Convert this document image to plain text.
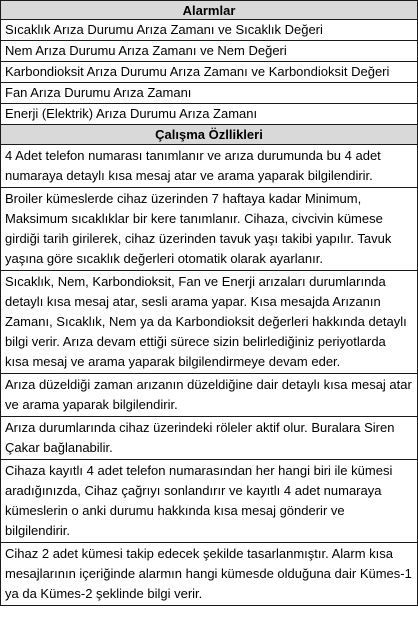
Alarmlar
Sıcaklık Arıza Durumu Arıza Zamanı ve Sıcaklık Değeri
Nem Arıza Durumu Arıza Zamanı ve Nem Değeri
Karbondioksit Arıza Durumu Arıza Zamanı ve Karbondioksit Değeri
Fan Arıza Durumu Arıza Zamanı
Enerji (Elektrik) Arıza Durumu Arıza Zamanı
Çalışma Özllikleri
4 Adet telefon numarası tanımlanır ve arıza durumunda bu 4 adet numaraya detaylı kısa mesaj atar ve arama yaparak bilgilendirir.
Broiler kümeslerde cihaz üzerinden 7 haftaya kadar Minimum, Maksimum sıcaklıklar bir kere tanımlanır. Cihaza, civcivin kümese girdiği tarih girilerek, cihaz üzerinden tavuk yaşı takibi yapılır. Tavuk yaşına göre sıcaklık değerleri otomatik olarak ayarlanır.
Sıcaklık, Nem, Karbondioksit, Fan ve Enerji arızaları durumlarında detaylı kısa mesaj atar, sesli arama yapar. Kısa mesajda Arızanın Zamanı, Sıcaklık, Nem ya da Karbondioksit değerleri hakkında detaylı bilgi verir. Arıza devam ettiği sürece sizin belirlediğiniz periyotlarda kısa mesaj ve arama yaparak bilgilendirmeye devam eder.
Arıza düzeldiği zaman arızanın düzeldiğine dair detaylı kısa mesaj atar ve arama yaparak bilgilendirir.
Arıza durumlarında cihaz üzerindeki röleler aktif olur. Buralara Siren Çakar bağlanabilir.
Cihaza kayıtlı 4 adet telefon numarasından her hangi biri ile kümesi aradığınızda, Cihaz çağrıyı sonlandırır ve kayıtlı 4 adet numaraya kümeslerin o anki durumu hakkında kısa mesaj gönderir ve bilgilendirir.
Cihaz 2 adet kümesi takip edecek şekilde tasarlanmıştır. Alarm kısa mesajlarının içeriğinde alarmın hangi kümesde olduğuna dair Kümes-1 ya da Kümes-2 şeklinde bilgi verir.
